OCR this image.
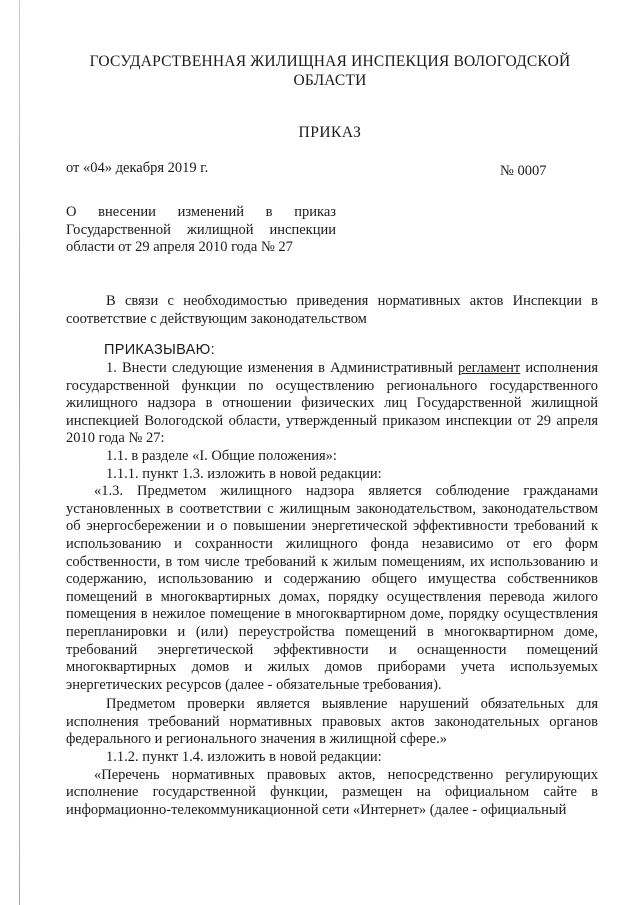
ГОСУДАРСТВЕННАЯ ЖИЛИЩНАЯ ИНСПЕКЦИЯ ВОЛОГОДСКОЙ ОБЛАСТИ
ПРИКАЗ
от «04» декабря 2019 г.	№ 0007
О внесении изменений в приказ
Государственной жилищной инспекции
области от 29 апреля 2010 года № 27
В связи с необходимостью приведения нормативных актов Инспекции в соответствие с действующим законодательством
ПРИКАЗЫВАЮ:

1. Внести следующие изменения в Административный регламент исполнения государственной функции по осуществлению регионального государственного жилищного надзора в отношении физических лиц Государственной жилищной инспекцией Вологодской области, утвержденный приказом инспекции от 29 апреля 2010 года № 27:

1.1. в разделе «I. Общие положения»:

1.1.1. пункт 1.3. изложить в новой редакции:

«1.3. Предметом жилищного надзора является соблюдение гражданами установленных в соответствии с жилищным законодательством, законодательством об энергосбережении и о повышении энергетической эффективности требований к использованию и сохранности жилищного фонда независимо от его форм собственности, в том числе требований к жилым помещениям, их использованию и содержанию, использованию и содержанию общего имущества собственников помещений в многоквартирных домах, порядку осуществления перевода жилого помещения в нежилое помещение в многоквартирном доме, порядку осуществления перепланировки и (или) переустройства помещений в многоквартирном доме, требований энергетической эффективности и оснащенности помещений многоквартирных домов и жилых домов приборами учета используемых энергетических ресурсов (далее - обязательные требования).

Предметом проверки является выявление нарушений обязательных для исполнения требований нормативных правовых актов законодательных органов федерального и регионального значения в жилищной сфере.»

1.1.2. пункт 1.4. изложить в новой редакции:

«Перечень нормативных правовых актов, непосредственно регулирующих исполнение государственной функции, размещен на официальном сайте в информационно-телекоммуникационной сети «Интернет» (далее - официальный
